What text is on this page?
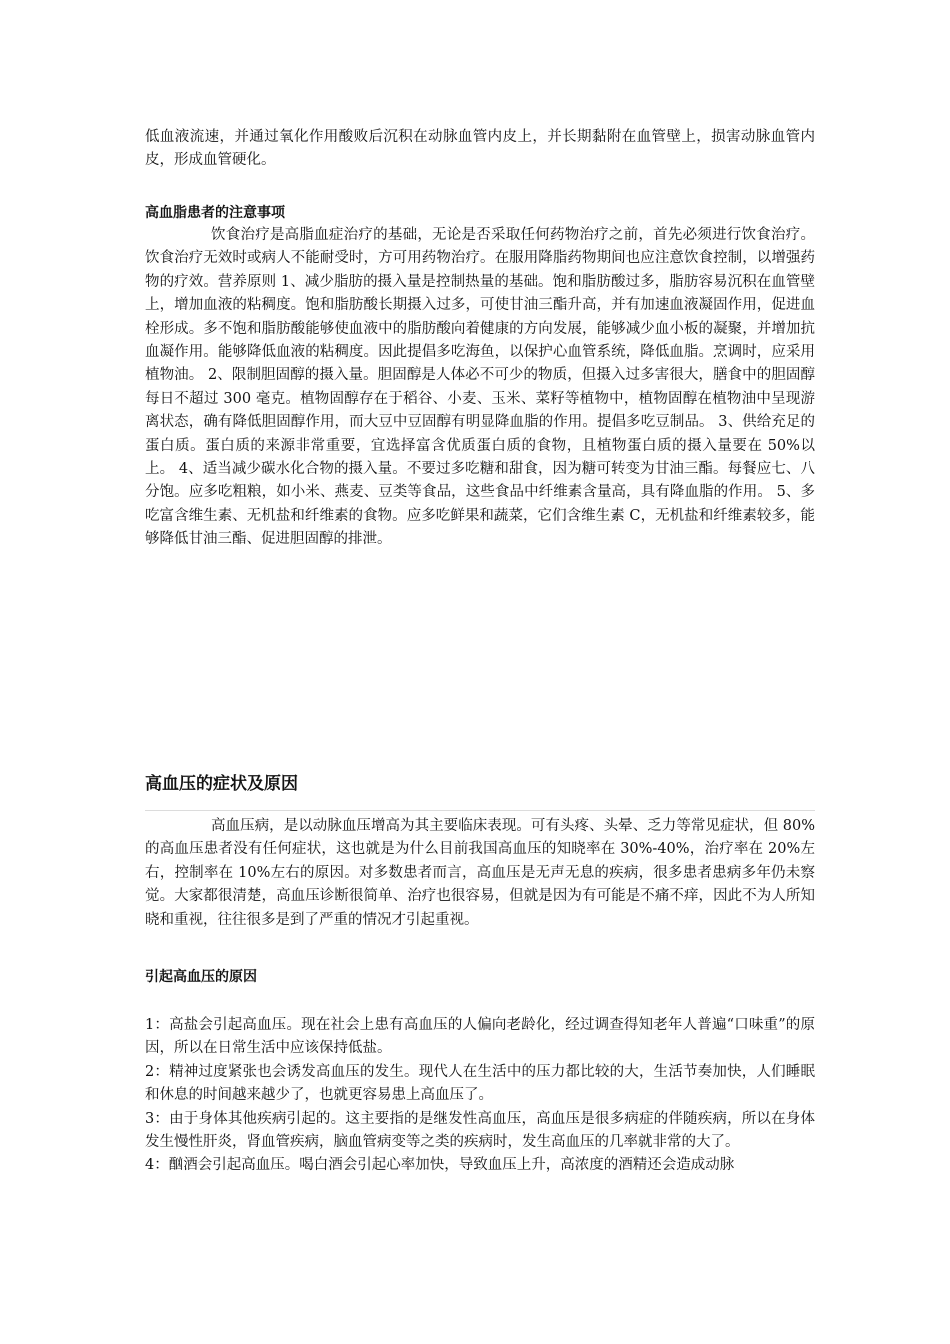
低血液流速，并通过氧化作用酸败后沉积在动脉血管内皮上，并长期黏附在血管壁上，损害动脉血管内皮，形成血管硬化。

高血脂患者的注意事项

饮食治疗是高脂血症治疗的基础，无论是否采取任何药物治疗之前，首先必须进行饮食治疗。饮食治疗无效时或病人不能耐受时，方可用药物治疗。在服用降脂药物期间也应注意饮食控制，以增强药物的疗效。营养原则 1、减少脂肪的摄入量是控制热量的基础。饱和脂肪酸过多，脂肪容易沉积在血管壁上，增加血液的粘稠度。饱和脂肪酸长期摄入过多，可使甘油三酯升高，并有加速血液凝固作用，促进血栓形成。多不饱和脂肪酸能够使血液中的脂肪酸向着健康的方向发展，能够减少血小板的凝聚，并增加抗血凝作用。能够降低血液的粘稠度。因此提倡多吃海鱼，以保护心血管系统，降低血脂。烹调时，应采用植物油。 2、限制胆固醇的摄入量。胆固醇是人体必不可少的物质，但摄入过多害很大，膳食中的胆固醇每日不超过 300 毫克。植物固醇存在于稻谷、小麦、玉米、菜籽等植物中，植物固醇在植物油中呈现游离状态，确有降低胆固醇作用，而大豆中豆固醇有明显降血脂的作用。提倡多吃豆制品。 3、供给充足的蛋白质。蛋白质的来源非常重要，宜选择富含优质蛋白质的食物，且植物蛋白质的摄入量要在 50%以上。 4、适当减少碳水化合物的摄入量。不要过多吃糖和甜食，因为糖可转变为甘油三酯。每餐应七、八分饱。应多吃粗粮，如小米、燕麦、豆类等食品，这些食品中纤维素含量高，具有降血脂的作用。 5、多吃富含维生素、无机盐和纤维素的食物。应多吃鲜果和蔬菜，它们含维生素 C，无机盐和纤维素较多，能够降低甘油三酯、促进胆固醇的排泄。

高血压的症状及原因

高血压病，是以动脉血压增高为其主要临床表现。可有头疼、头晕、乏力等常见症状，但 80%的高血压患者没有任何症状，这也就是为什么目前我国高血压的知晓率在 30%-40%，治疗率在 20%左右，控制率在 10%左右的原因。对多数患者而言，高血压是无声无息的疾病，很多患者患病多年仍未察觉。大家都很清楚，高血压诊断很简单、治疗也很容易，但就是因为有可能是不痛不痒，因此不为人所知晓和重视，往往很多是到了严重的情况才引起重视。

引起高血压的原因

1：高盐会引起高血压。现在社会上患有高血压的人偏向老龄化，经过调查得知老年人普遍“口味重”的原因，所以在日常生活中应该保持低盐。

2：精神过度紧张也会诱发高血压的发生。现代人在生活中的压力都比较的大，生活节奏加快，人们睡眠和休息的时间越来越少了，也就更容易患上高血压了。

3：由于身体其他疾病引起的。这主要指的是继发性高血压，高血压是很多病症的伴随疾病，所以在身体发生慢性肝炎，肾血管疾病，脑血管病变等之类的疾病时，发生高血压的几率就非常的大了。

4：酗酒会引起高血压。喝白酒会引起心率加快，导致血压上升，高浓度的酒精还会造成动脉
